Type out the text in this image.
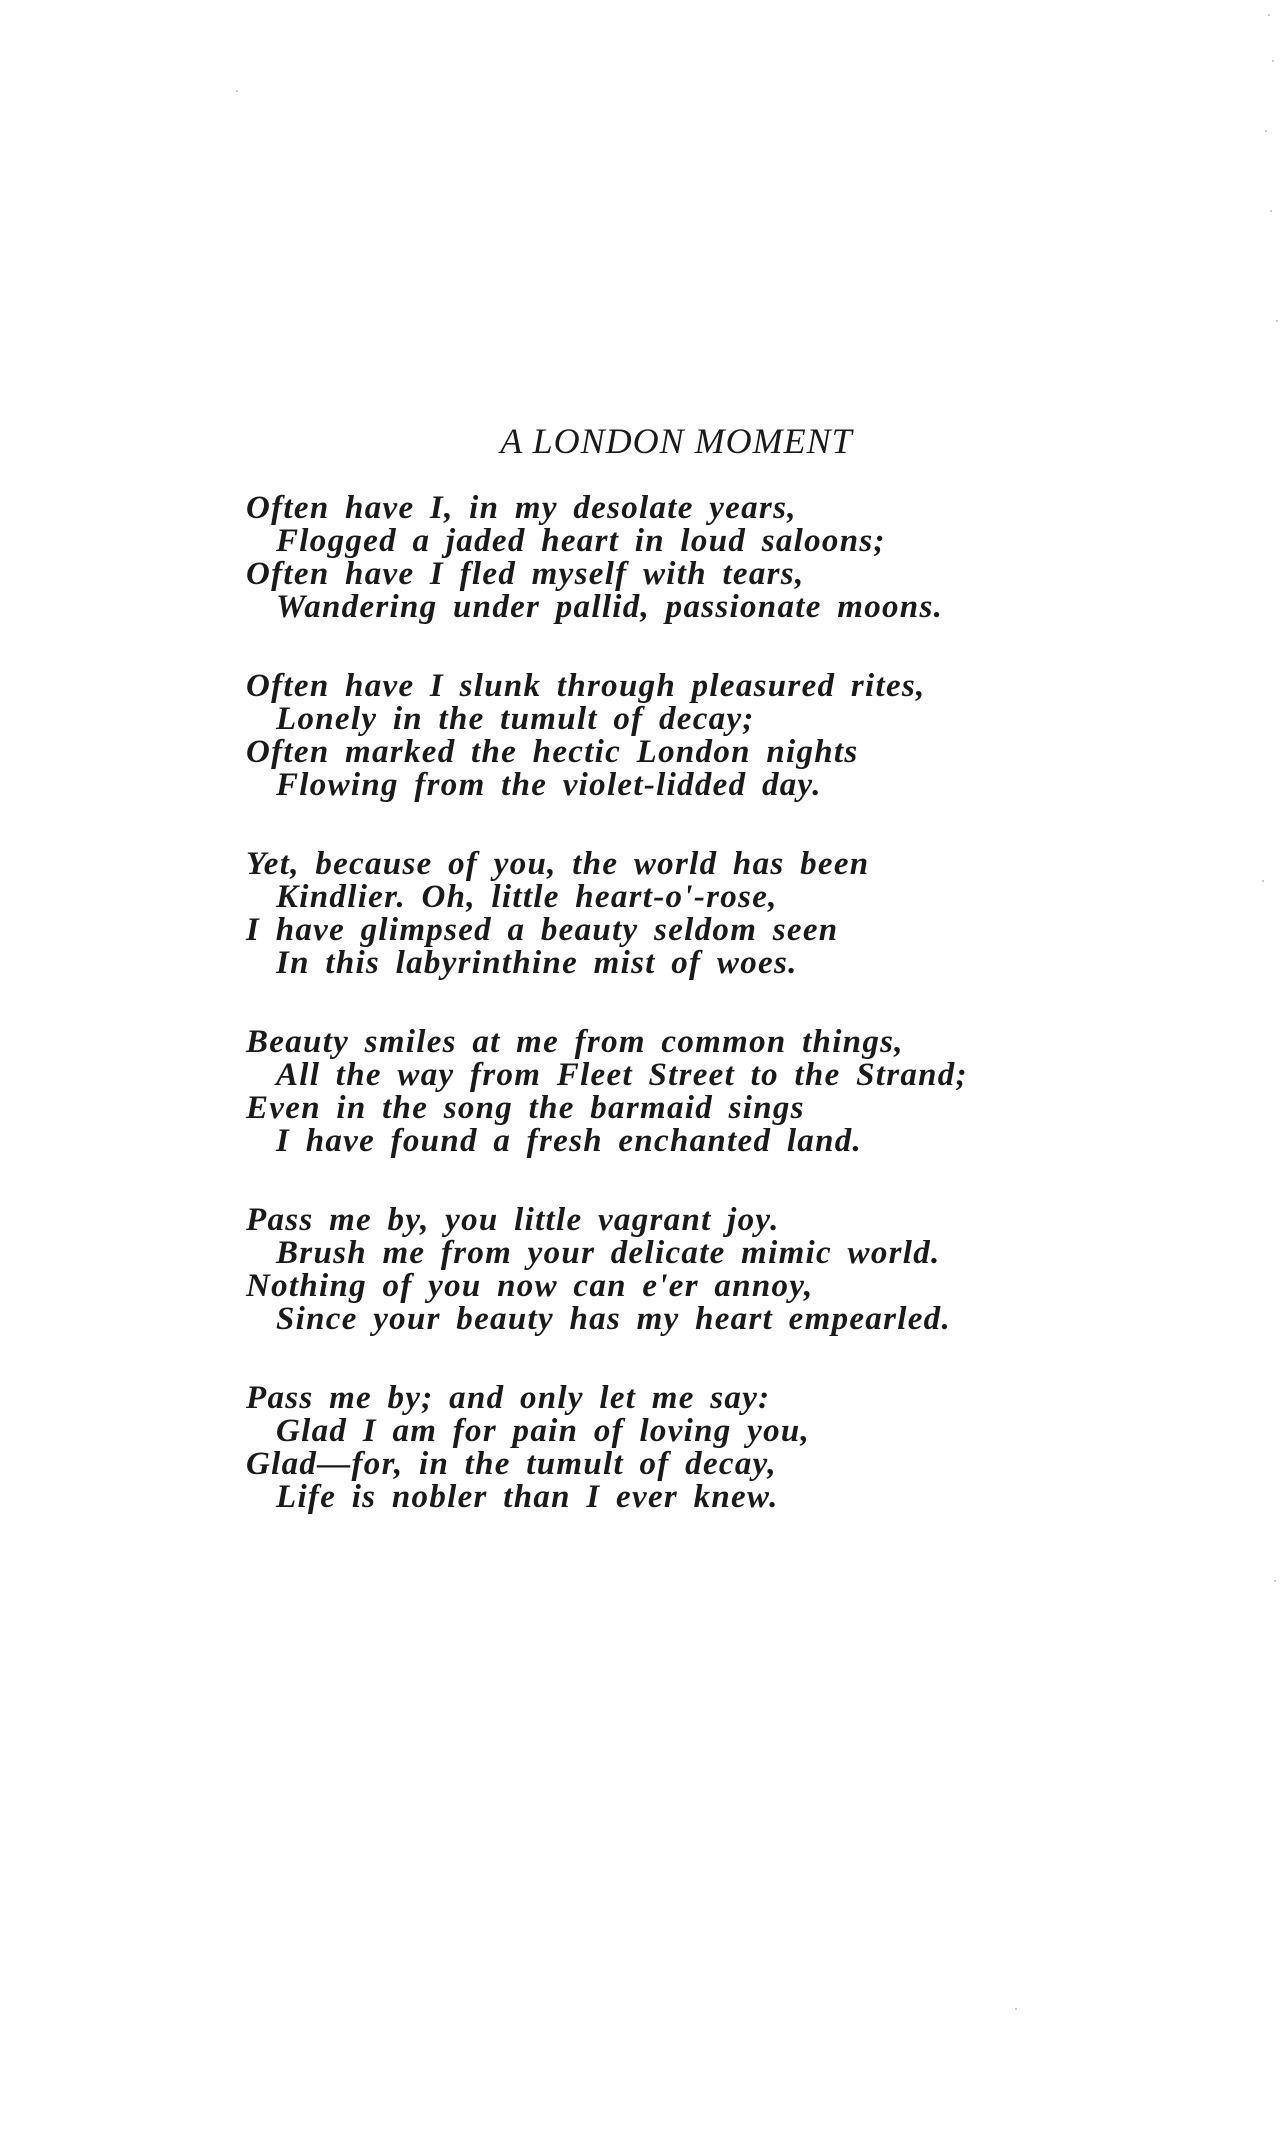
A LONDON MOMENT
Often have I, in my desolate years,
Flogged a jaded heart in loud saloons;
Often have I fled myself with tears,
Wandering under pallid, passionate moons.
Often have I slunk through pleasured rites,
Lonely in the tumult of decay;
Often marked the hectic London nights
Flowing from the violet-lidded day.
Yet, because of you, the world has been
Kindlier. Oh, little heart-o'-rose,
I have glimpsed a beauty seldom seen
In this labyrinthine mist of woes.
Beauty smiles at me from common things,
All the way from Fleet Street to the Strand;
Even in the song the barmaid sings
I have found a fresh enchanted land.
Pass me by, you little vagrant joy.
Brush me from your delicate mimic world.
Nothing of you now can e'er annoy,
Since your beauty has my heart empearled.
Pass me by; and only let me say:
Glad I am for pain of loving you,
Glad—for, in the tumult of decay,
Life is nobler than I ever knew.
